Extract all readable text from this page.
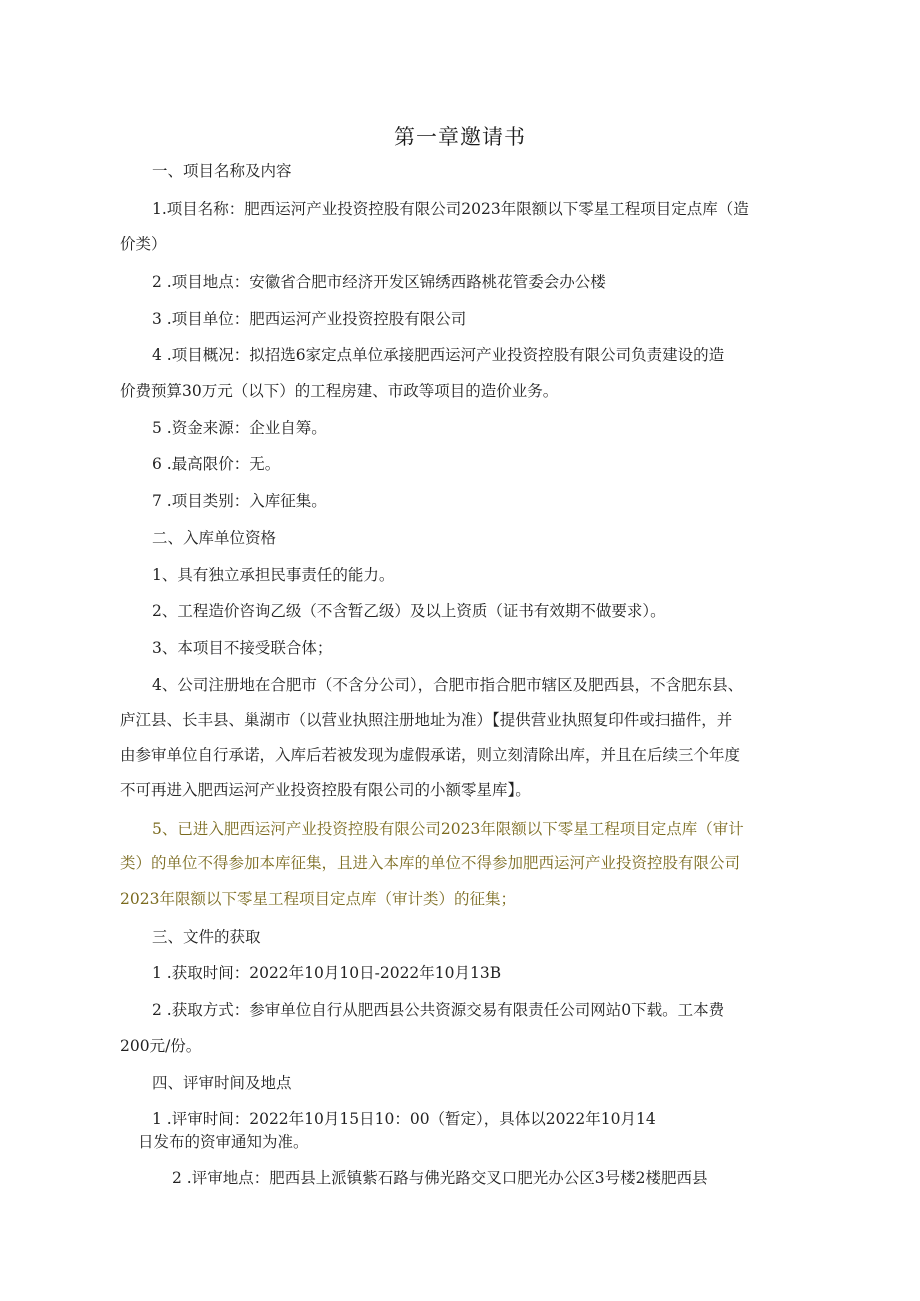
第一章邀请书
一、项目名称及内容
1.项目名称：肥西运河产业投资控股有限公司2023年限额以下零星工程项目定点库（造
价类）
2 .项目地点：安徽省合肥市经济开发区锦绣西路桃花管委会办公楼
3 .项目单位：肥西运河产业投资控股有限公司
4 .项目概况：拟招选6家定点单位承接肥西运河产业投资控股有限公司负责建设的造
价费预算30万元（以下）的工程房建、市政等项目的造价业务。
5 .资金来源：企业自筹。
6 .最高限价：无。
7 .项目类别：入库征集。
二、入库单位资格
1、具有独立承担民事责任的能力。
2、工程造价咨询乙级（不含暂乙级）及以上资质（证书有效期不做要求）。
3、本项目不接受联合体；
4、公司注册地在合肥市（不含分公司），合肥市指合肥市辖区及肥西县，不含肥东县、
庐江县、长丰县、巢湖市（以营业执照注册地址为准）【提供营业执照复印件或扫描件，并
由参审单位自行承诺，入库后若被发现为虚假承诺，则立刻清除出库，并且在后续三个年度
不可再进入肥西运河产业投资控股有限公司的小额零星库】。
5、已进入肥西运河产业投资控股有限公司2023年限额以下零星工程项目定点库（审计
类）的单位不得参加本库征集，且进入本库的单位不得参加肥西运河产业投资控股有限公司
2023年限额以下零星工程项目定点库（审计类）的征集；
三、文件的获取
1 .获取时间：2022年10月10日-2022年10月13B
2 .获取方式：参审单位自行从肥西县公共资源交易有限责任公司网站0下载。工本费
200元/份。
四、评审时间及地点
1 .评审时间：2022年10月15日10：00（暂定），具体以2022年10月14
日发布的资审通知为准。
2 .评审地点：肥西县上派镇紫石路与佛光路交叉口肥光办公区3号楼2楼肥西县
